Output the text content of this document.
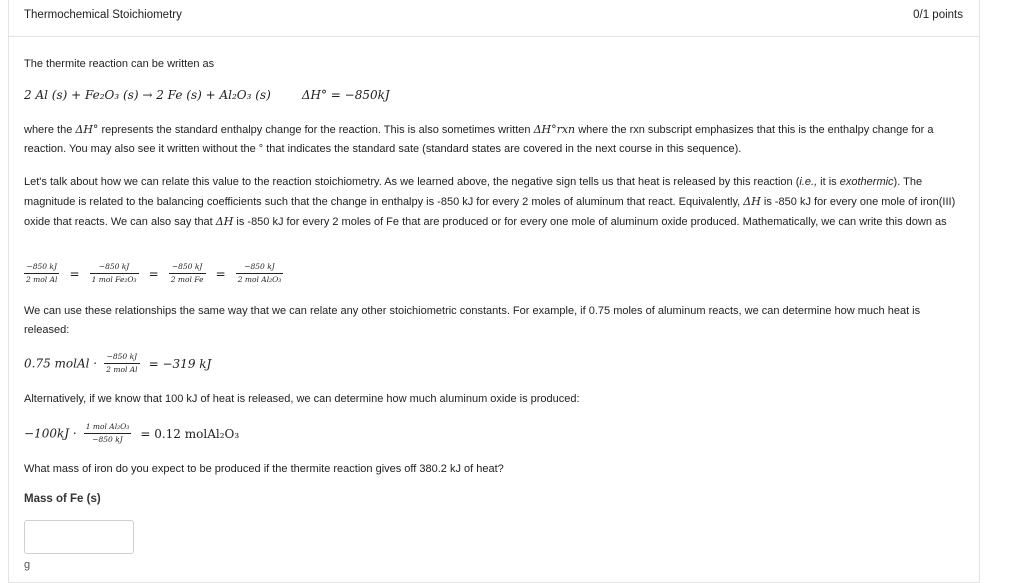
Thermochemical Stoichiometry	0/1 points

The thermite reaction can be written as

2 Al (s) + Fe₂O₃ (s) → 2 Fe (s) + Al₂O₃ (s)	ΔH° = −850kJ

where the ΔH° represents the standard enthalpy change for the reaction. This is also sometimes written ΔH°rxn where the rxn subscript emphasizes that this is the enthalpy change for a reaction. You may also see it written without the ° that indicates the standard sate (standard states are covered in the next course in this sequence).

Let's talk about how we can relate this value to the reaction stoichiometry. As we learned above, the negative sign tells us that heat is released by this reaction (i.e., it is exothermic). The magnitude is related to the balancing coefficients such that the change in enthalpy is -850 kJ for every 2 moles of aluminum that react. Equivalently, ΔH is -850 kJ for every one mole of iron(III) oxide that reacts. We can also say that ΔH is -850 kJ for every 2 moles of Fe that are produced or for every one mole of aluminum oxide produced. Mathematically, we can write this down as

$\frac{-850 kJ}{\text{2 mol Al}} = \frac{-850 kJ}{\text{1 mol Fe₂O₃}} = \frac{-850 kJ}{\text{2 mol Fe}} = \frac{-850 kJ}{\text{2 mol Al₂O₃}}$

We can use these relationships the same way that we can relate any other stoichiometric constants. For example, if 0.75 moles of aluminum reacts, we can determine how much heat is released:

0.75 molAl · $\frac{-850 kJ}{\text{2 mol Al}} = -319$ kJ

Alternatively, if we know that 100 kJ of heat is released, we can determine how much aluminum oxide is produced:

$-100kJ \cdot \frac{\text{1 mol Al₂O₃}}{-850 kJ} = 0.12$ molAl₂O₃

What mass of iron do you expect to be produced if the thermite reaction gives off 380.2 kJ of heat?

Mass of Fe (s)
g
